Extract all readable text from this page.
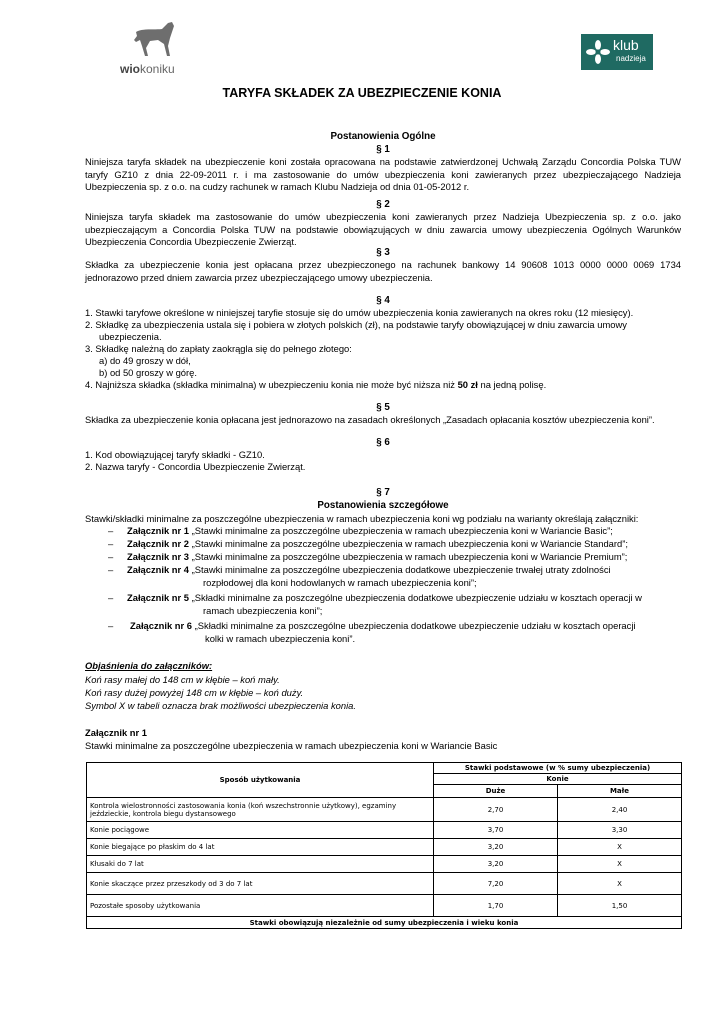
wiokoniku
klub
nadzieja
TARYFA SKŁADEK ZA UBEZPIECZENIE KONIA
Postanowienia Ogólne
§ 1
Niniejsza taryfa składek na ubezpieczenie koni została opracowana na podstawie zatwierdzonej Uchwałą Zarządu Concordia Polska TUW taryfy GZ10 z dnia 22-09-2011 r. i ma zastosowanie do umów ubezpieczenia koni zawieranych przez ubezpieczającego Nadzieja Ubezpieczenia sp. z o.o. na cudzy rachunek w ramach Klubu Nadzieja od dnia 01-05-2012 r.
§ 2
Niniejsza taryfa składek ma zastosowanie do umów ubezpieczenia koni zawieranych przez Nadzieja Ubezpieczenia sp. z o.o. jako ubezpieczającym a Concordia Polska TUW na podstawie obowiązujących w dniu zawarcia umowy ubezpieczenia Ogólnych Warunków Ubezpieczenia Concordia Ubezpieczenie Zwierząt.
§ 3
Składka za ubezpieczenie konia jest opłacana przez ubezpieczonego na rachunek bankowy 14 90608 1013 0000 0000 0069 1734 jednorazowo przed dniem zawarcia przez ubezpieczającego umowy ubezpieczenia.
§ 4
1. Stawki taryfowe określone w niniejszej taryfie stosuje się do umów ubezpieczenia konia zawieranych na okres roku (12 miesięcy).
2. Składkę za ubezpieczenia ustala się i pobiera w złotych polskich (zł), na podstawie taryfy obowiązującej w dniu zawarcia umowy
ubezpieczenia.
3. Składkę należną do zapłaty zaokrągla się do pełnego złotego:
a) do 49 groszy w dół,
b) od 50 groszy w górę.
4. Najniższa składka (składka minimalna) w ubezpieczeniu konia nie może być niższa niż 50 zł na jedną polisę.
§ 5
Składka za ubezpieczenie konia opłacana jest jednorazowo na zasadach określonych „Zasadach opłacania kosztów ubezpieczenia koni”.
§ 6
1. Kod obowiązującej taryfy składki - GZ10.
2. Nazwa taryfy - Concordia Ubezpieczenie Zwierząt.
§ 7
Postanowienia szczegółowe
Stawki/składki minimalne za poszczególne ubezpieczenia w ramach ubezpieczenia koni wg podziału na warianty określają załączniki:
– Załącznik nr 1 „Stawki minimalne za poszczególne ubezpieczenia w ramach ubezpieczenia koni w Wariancie Basic”;
– Załącznik nr 2 „Stawki minimalne za poszczególne ubezpieczenia w ramach ubezpieczenia koni w Wariancie Standard”;
– Załącznik nr 3 „Stawki minimalne za poszczególne ubezpieczenia w ramach ubezpieczenia koni w Wariancie Premium”;
– Załącznik nr 4 „Stawki minimalne za poszczególne ubezpieczenia dodatkowe ubezpieczenie trwałej utraty zdolności
rozpłodowej dla koni hodowlanych w ramach ubezpieczenia koni”;
– Załącznik nr 5 „Składki minimalne za poszczególne ubezpieczenia dodatkowe ubezpieczenie udziału w kosztach operacji w
ramach ubezpieczenia koni”;
– Załącznik nr 6 „Składki minimalne za poszczególne ubezpieczenia dodatkowe ubezpieczenie udziału w kosztach operacji
kolki w ramach ubezpieczenia koni”.
Objaśnienia do załączników:
Koń rasy małej do 148 cm w kłębie – koń mały.
Koń rasy dużej powyżej 148 cm w kłębie – koń duży.
Symbol X w tabeli oznacza brak możliwości ubezpieczenia konia.
Załącznik nr 1
Stawki minimalne za poszczególne ubezpieczenia w ramach ubezpieczenia koni w Wariancie Basic
Sposób użytkowania	Stawki podstawowe (w % sumy ubezpieczenia)	
	Konie	
	Duże	Małe
Kontrola wielostronności zastosowania konia (koń wszechstronnie użytkowy), egzaminy jeździeckie, kontrola biegu dystansowego	2,70	2,40
Konie pociągowe	3,70	3,30
Konie biegające po płaskim do 4 lat	3,20	X
Kłusaki do 7 lat	3,20	X
Konie skaczące przez przeszkody od 3 do 7 lat	7,20	X
Pozostałe sposoby użytkowania	1,70	1,50
Stawki obowiązują niezależnie od sumy ubezpieczenia i wieku konia		
